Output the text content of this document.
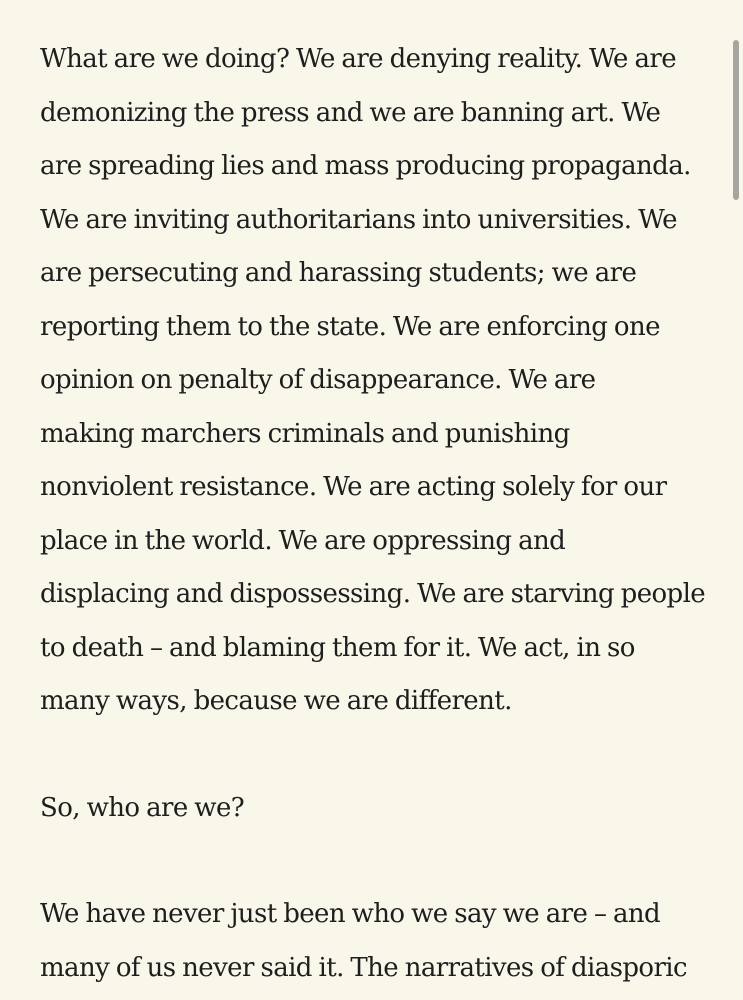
What are we doing? We are denying reality. We are
demonizing the press and we are banning art. We
are spreading lies and mass producing propaganda.
We are inviting authoritarians into universities. We
are persecuting and harassing students; we are
reporting them to the state. We are enforcing one
opinion on penalty of disappearance. We are
making marchers criminals and punishing
nonviolent resistance. We are acting solely for our
place in the world. We are oppressing and
displacing and dispossessing. We are starving people
to death – and blaming them for it. We act, in so
many ways, because we are different.

So, who are we?

We have never just been who we say we are – and
many of us never said it. The narratives of diasporic
